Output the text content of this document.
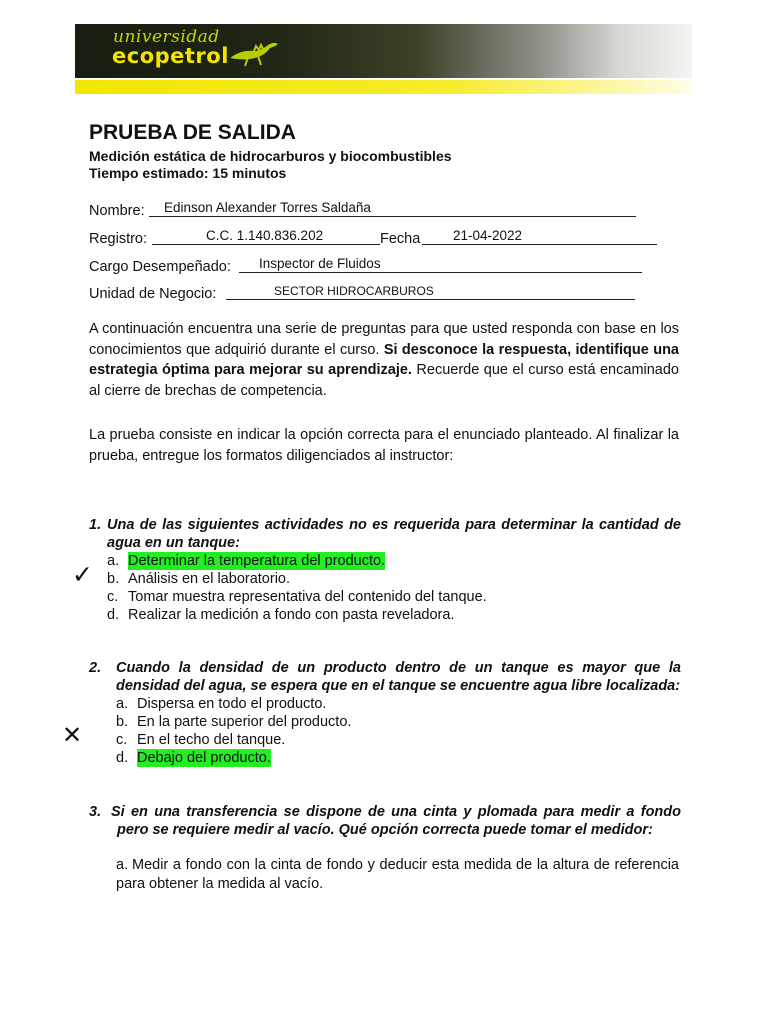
universidad
ecopetrol
PRUEBA DE SALIDA
Medición estática de hidrocarburos y biocombustibles
Tiempo estimado: 15 minutos
Nombre: Edinson Alexander Torres Saldaña
Registro:	C.C. 1.140.836.202	Fecha 21-04-2022
Cargo Desempeñado: Inspector de Fluidos
Unidad de Negocio:	SECTOR HIDROCARBUROS

A continuación encuentra una serie de preguntas para que usted responda con base en los conocimientos que adquirió durante el curso. Si desconoce la respuesta, identifique una estrategia óptima para mejorar su aprendizaje. Recuerde que el curso está encaminado al cierre de brechas de competencia.

La prueba consiste en indicar la opción correcta para el enunciado planteado. Al finalizar la prueba, entregue los formatos diligenciados al instructor:

1. Una de las siguientes actividades no es requerida para determinar la cantidad de agua en un tanque:
a. Determinar la temperatura del producto.
b. Análisis en el laboratorio.
c. Tomar muestra representativa del contenido del tanque.
d. Realizar la medición a fondo con pasta reveladora.
✓
2.	Cuando la densidad de un producto dentro de un tanque es mayor que la densidad del agua, se espera que en el tanque se encuentre agua libre localizada:
a. Dispersa en todo el producto.
b. En la parte superior del producto.
c. En el techo del tanque.
d. Debajo del producto.
✕
3. Si en una transferencia se dispone de una cinta y plomada para medir a fondo pero se requiere medir al vacío. Qué opción correcta puede tomar el medidor:
a. Medir a fondo con la cinta de fondo y deducir esta medida de la altura de referencia para obtener la medida al vacío.
